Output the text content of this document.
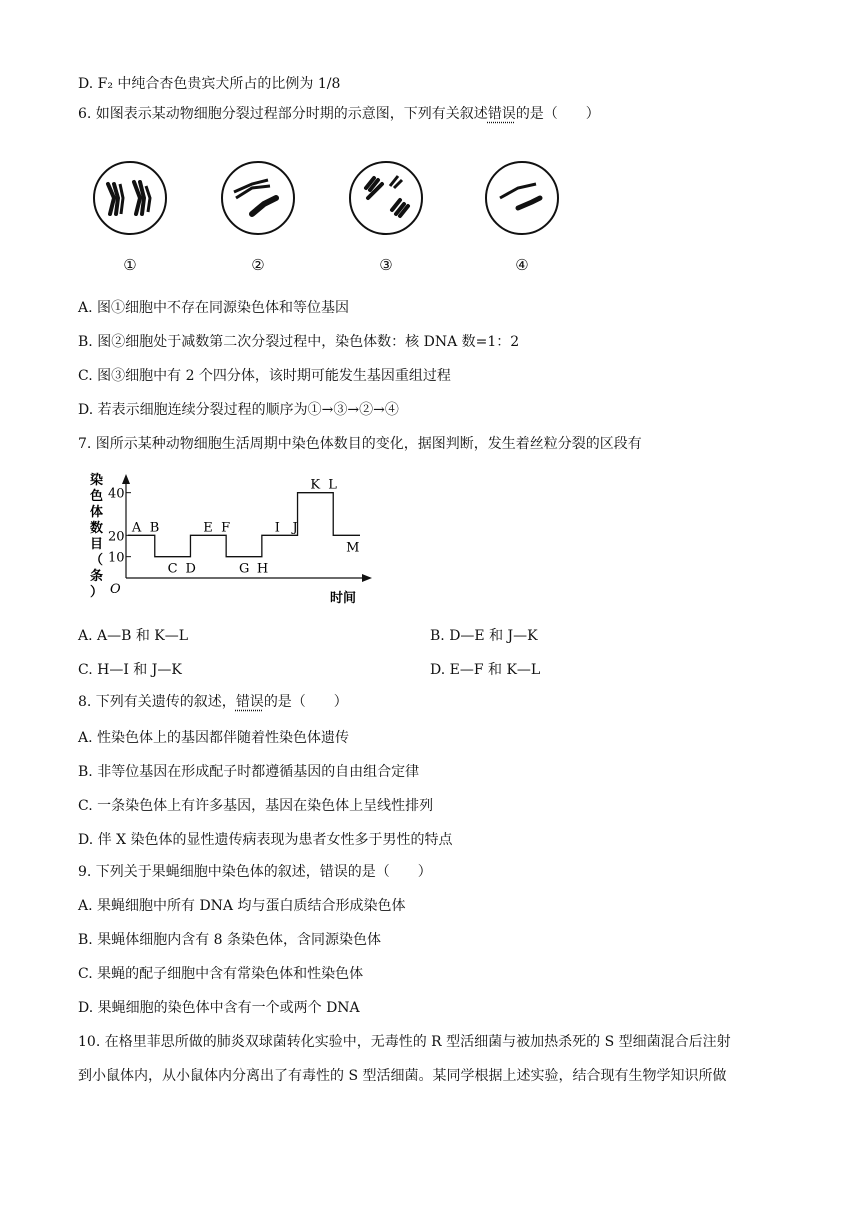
D. F₂ 中纯合杏色贵宾犬所占的比例为 1/8
6. 如图表示某动物细胞分裂过程部分时期的示意图，下列有关叙述错误的是（　　）
①	②	③	④
A. 图①细胞中不存在同源染色体和等位基因
B. 图②细胞处于减数第二次分裂过程中，染色体数：核 DNA 数=1：2
C. 图③细胞中有 2 个四分体，该时期可能发生基因重组过程
D. 若表示细胞连续分裂过程的顺序为①→③→②→④
7. 图所示某种动物细胞生活周期中染色体数目的变化，据图判断，发生着丝粒分裂的区段有
染
色
体
数
目
（
条
） O
时间
40
20
10
A B
C D
E F
G H
I J
K L
M
A. A—B 和 K—L	B. D—E 和 J—K
C. H—I 和 J—K	D. E—F 和 K—L
8. 下列有关遗传的叙述，错误的是（　　）
A. 性染色体上的基因都伴随着性染色体遗传
B. 非等位基因在形成配子时都遵循基因的自由组合定律
C. 一条染色体上有许多基因，基因在染色体上呈线性排列
D. 伴 X 染色体的显性遗传病表现为患者女性多于男性的特点
9. 下列关于果蝇细胞中染色体的叙述，错误的是（　　）
A. 果蝇细胞中所有 DNA 均与蛋白质结合形成染色体
B. 果蝇体细胞内含有 8 条染色体，含同源染色体
C. 果蝇的配子细胞中含有常染色体和性染色体
D. 果蝇细胞的染色体中含有一个或两个 DNA
10. 在格里菲思所做的肺炎双球菌转化实验中，无毒性的 R 型活细菌与被加热杀死的 S 型细菌混合后注射
到小鼠体内，从小鼠体内分离出了有毒性的 S 型活细菌。某同学根据上述实验，结合现有生物学知识所做
